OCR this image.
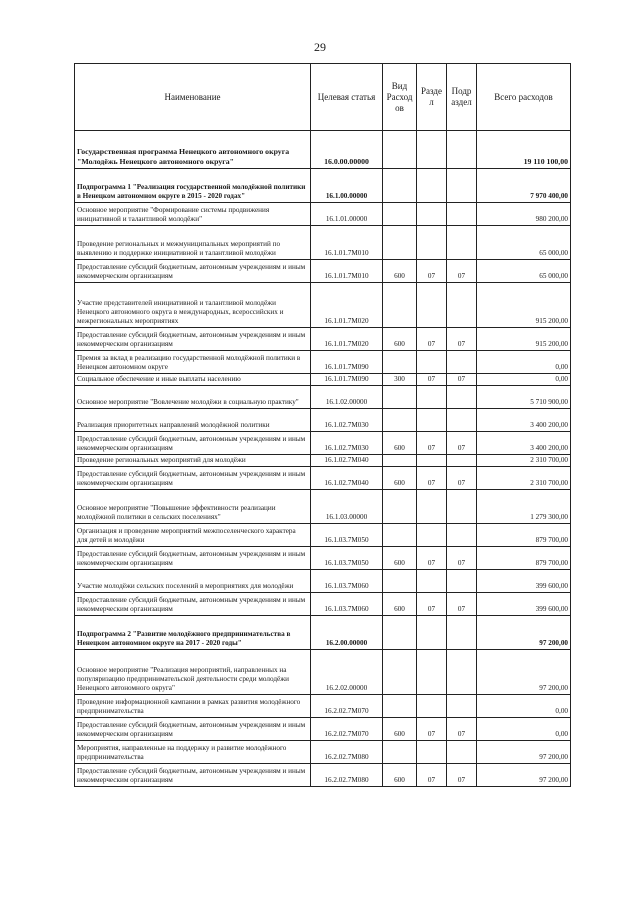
29
Наименование	Целевая статья	Вид Расход ов	Разде л	Подр аздел	Всего расходов
Государственная программа Ненецкого автономного округа "Молодёжь Ненецкого автономного округа"	16.0.00.00000				19 110 100,00
Подпрограмма 1 "Реализация государственной молодёжной политики в Ненецком автономном округе в 2015 - 2020 годах"	16.1.00.00000				7 970 400,00
Основное мероприятие "Формирование системы продвижения инициативной и талантливой молодёжи"	16.1.01.00000				980 200,00
Проведение региональных и межмуниципальных мероприятий по выявлению и поддержке инициативной и талантливой молодёжи	16.1.01.7М010				65 000,00
Предоставление субсидий бюджетным, автономным учреждениям и иным некоммерческим организациям	16.1.01.7М010	600	07	07	65 000,00
Участие представителей инициативной и талантливой молодёжи Ненецкого автономного округа в международных, всероссийских и межрегиональных мероприятиях	16.1.01.7М020				915 200,00
Предоставление субсидий бюджетным, автономным учреждениям и иным некоммерческим организациям	16.1.01.7М020	600	07	07	915 200,00
Премия за вклад в реализацию государственной молодёжной политики в Ненецком автономном округе	16.1.01.7М090				0,00
Социальное обеспечение и иные выплаты населению	16.1.01.7М090	300	07	07	0,00
Основное мероприятие "Вовлечение молодёжи в социальную практику"	16.1.02.00000				5 710 900,00
Реализация приоритетных направлений молодёжной политики	16.1.02.7М030				3 400 200,00
Предоставление субсидий бюджетным, автономным учреждениям и иным некоммерческим организациям	16.1.02.7М030	600	07	07	3 400 200,00
Проведение региональных мероприятий для молодёжи	16.1.02.7М040				2 310 700,00
Предоставление субсидий бюджетным, автономным учреждениям и иным некоммерческим организациям	16.1.02.7М040	600	07	07	2 310 700,00
Основное мероприятие "Повышение эффективности реализации молодёжной политики в сельских поселениях"	16.1.03.00000				1 279 300,00
Организация и проведение мероприятий межпоселенческого характера для детей и молодёжи	16.1.03.7М050				879 700,00
Предоставление субсидий бюджетным, автономным учреждениям и иным некоммерческим организациям	16.1.03.7М050	600	07	07	879 700,00
Участие молодёжи сельских поселений в мероприятиях для молодёжи	16.1.03.7М060				399 600,00
Предоставление субсидий бюджетным, автономным учреждениям и иным некоммерческим организациям	16.1.03.7М060	600	07	07	399 600,00
Подпрограмма 2 "Развитие молодёжного предпринимательства в Ненецком автономном округе на 2017 - 2020 годы"	16.2.00.00000				97 200,00
Основное мероприятие "Реализация мероприятий, направленных на популяризацию предпринимательской деятельности среди молодёжи Ненецкого автономного округа"	16.2.02.00000				97 200,00
Проведение информационной кампании в рамках развития молодёжного предпринимательства	16.2.02.7М070				0,00
Предоставление субсидий бюджетным, автономным учреждениям и иным некоммерческим организациям	16.2.02.7М070	600	07	07	0,00
Мероприятия, направленные на поддержку и развитие молодёжного предпринимательства	16.2.02.7М080				97 200,00
Предоставление субсидий бюджетным, автономным учреждениям и иным некоммерческим организациям	16.2.02.7М080	600	07	07	97 200,00
